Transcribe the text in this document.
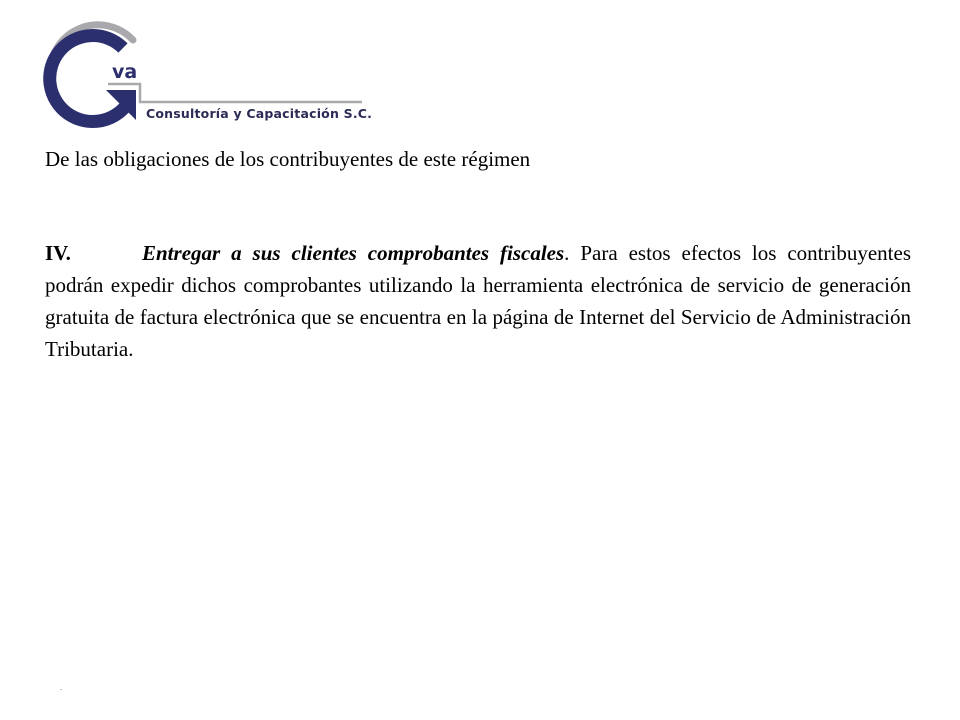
va
Consultoría y Capacitación S.C.
De las obligaciones de los contribuyentes de este régimen
IV.	Entregar a sus clientes comprobantes fiscales. Para estos efectos los contribuyentes podrán expedir dichos comprobantes utilizando la herramienta electrónica de servicio de generación gratuita de factura electrónica que se encuentra en la página de Internet del Servicio de Administración Tributaria.
.
